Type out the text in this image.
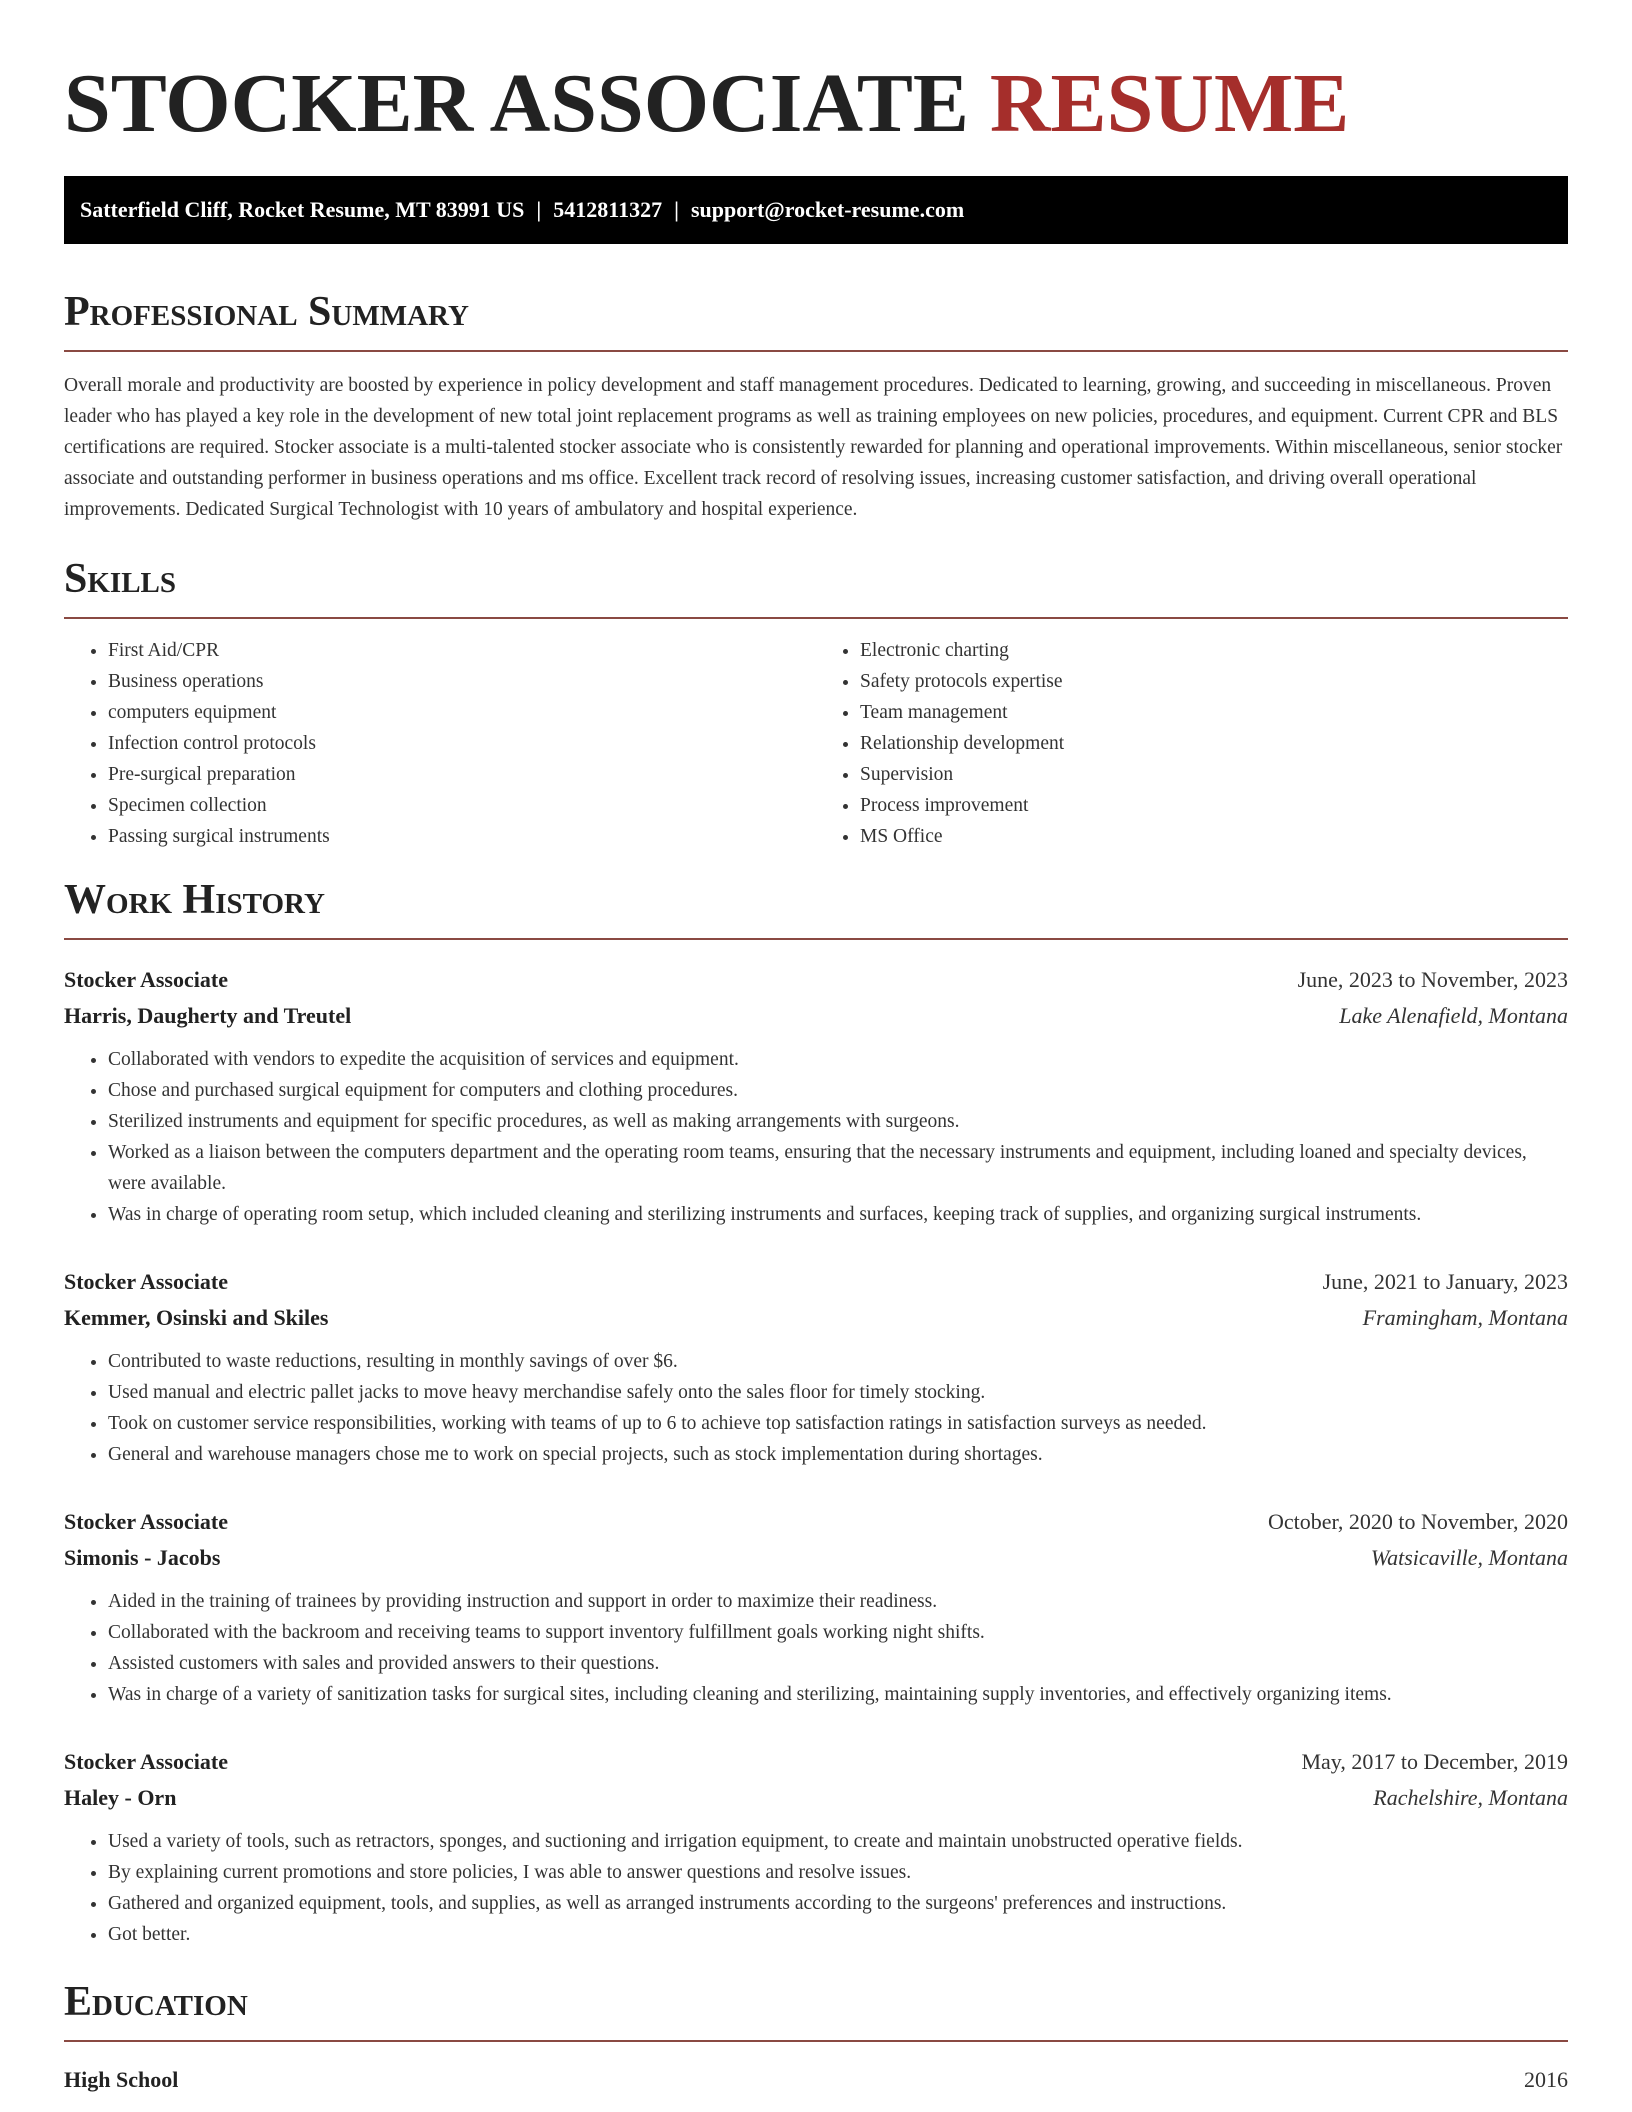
STOCKER ASSOCIATE RESUME
Satterfield Cliff, Rocket Resume, MT 83991 US | 5412811327 | support@rocket-resume.com
Professional Summary

Overall morale and productivity are boosted by experience in policy development and staff management procedures. Dedicated to learning, growing, and succeeding in miscellaneous. Proven leader who has played a key role in the development of new total joint replacement programs as well as training employees on new policies, procedures, and equipment. Current CPR and BLS certifications are required. Stocker associate is a multi-talented stocker associate who is consistently rewarded for planning and operational improvements. Within miscellaneous, senior stocker associate and outstanding performer in business operations and ms office. Excellent track record of resolving issues, increasing customer satisfaction, and driving overall operational improvements. Dedicated Surgical Technologist with 10 years of ambulatory and hospital experience.

Skills
• First Aid/CPR
• Business operations
• computers equipment
• Infection control protocols
• Pre-surgical preparation
• Specimen collection
• Passing surgical instruments
• Electronic charting
• Safety protocols expertise
• Team management
• Relationship development
• Supervision
• Process improvement
• MS Office
Work History
Stocker Associate	June, 2023 to November, 2023
Harris, Daugherty and Treutel	Lake Alenafield, Montana
• Collaborated with vendors to expedite the acquisition of services and equipment.
• Chose and purchased surgical equipment for computers and clothing procedures.
• Sterilized instruments and equipment for specific procedures, as well as making arrangements with surgeons.
• Worked as a liaison between the computers department and the operating room teams, ensuring that the necessary instruments and equipment, including loaned and specialty devices, were available.
• Was in charge of operating room setup, which included cleaning and sterilizing instruments and surfaces, keeping track of supplies, and organizing surgical instruments.
Stocker Associate	June, 2021 to January, 2023
Kemmer, Osinski and Skiles	Framingham, Montana
• Contributed to waste reductions, resulting in monthly savings of over $6.
• Used manual and electric pallet jacks to move heavy merchandise safely onto the sales floor for timely stocking.
• Took on customer service responsibilities, working with teams of up to 6 to achieve top satisfaction ratings in satisfaction surveys as needed.
• General and warehouse managers chose me to work on special projects, such as stock implementation during shortages.
Stocker Associate	October, 2020 to November, 2020
Simonis - Jacobs	Watsicaville, Montana
• Aided in the training of trainees by providing instruction and support in order to maximize their readiness.
• Collaborated with the backroom and receiving teams to support inventory fulfillment goals working night shifts.
• Assisted customers with sales and provided answers to their questions.
• Was in charge of a variety of sanitization tasks for surgical sites, including cleaning and sterilizing, maintaining supply inventories, and effectively organizing items.
Stocker Associate	May, 2017 to December, 2019
Haley - Orn	Rachelshire, Montana
• Used a variety of tools, such as retractors, sponges, and suctioning and irrigation equipment, to create and maintain unobstructed operative fields.
• By explaining current promotions and store policies, I was able to answer questions and resolve issues.
• Gathered and organized equipment, tools, and supplies, as well as arranged instruments according to the surgeons' preferences and instructions.
• Got better.
Education
High School	2016
